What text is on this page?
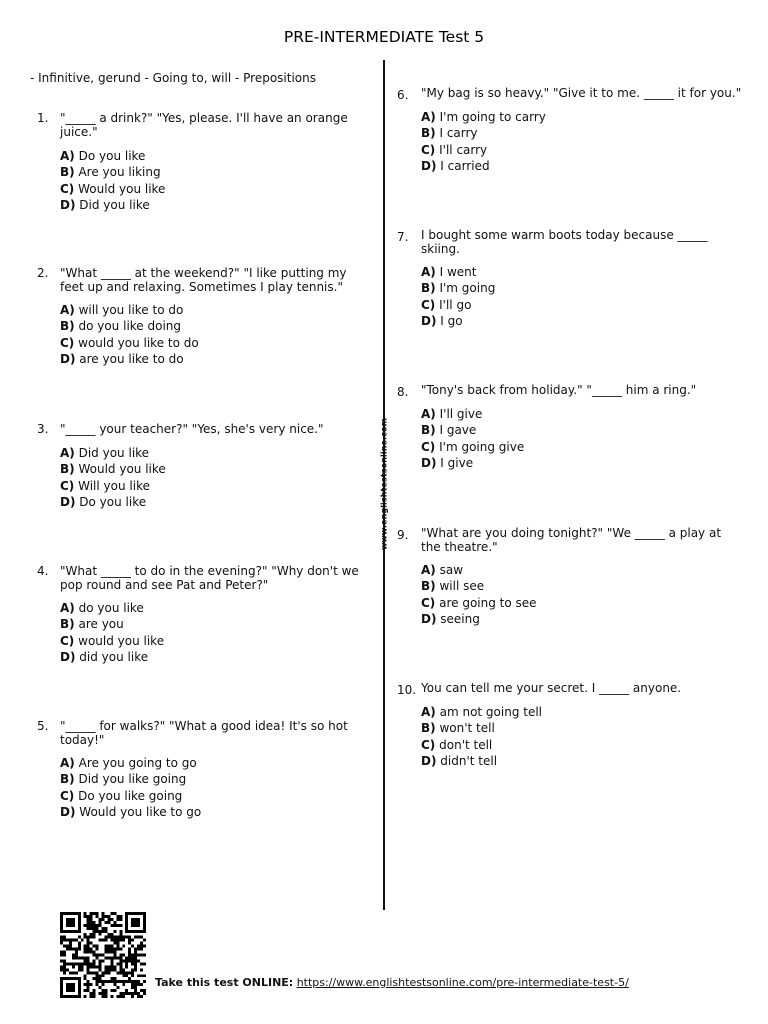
PRE-INTERMEDIATE Test 5
- Infinitive, gerund - Going to, will - Prepositions
www.englishtestsonline.com
1. "_____ a drink?" "Yes, please. I'll have an orange juice."
A) Do you like
B) Are you liking
C) Would you like
D) Did you like
2. "What _____ at the weekend?" "I like putting my feet up and relaxing. Sometimes I play tennis."
A) will you like to do
B) do you like doing
C) would you like to do
D) are you like to do
3. "_____ your teacher?" "Yes, she's very nice."
A) Did you like
B) Would you like
C) Will you like
D) Do you like
4. "What _____ to do in the evening?" "Why don't we pop round and see Pat and Peter?"
A) do you like
B) are you
C) would you like
D) did you like
5. "_____ for walks?" "What a good idea! It's so hot today!"
A) Are you going to go
B) Did you like going
C) Do you like going
D) Would you like to go
6. "My bag is so heavy." "Give it to me. _____ it for you."
A) I'm going to carry
B) I carry
C) I'll carry
D) I carried
7. I bought some warm boots today because _____ skiing.
A) I went
B) I'm going
C) I'll go
D) I go
8. "Tony's back from holiday." "_____ him a ring."
A) I'll give
B) I gave
C) I'm going give
D) I give
9. "What are you doing tonight?" "We _____ a play at the theatre."
A) saw
B) will see
C) are going to see
D) seeing
10. You can tell me your secret. I _____ anyone.
A) am not going tell
B) won't tell
C) don't tell
D) didn't tell
Take this test ONLINE: https://www.englishtestsonline.com/pre-intermediate-test-5/
